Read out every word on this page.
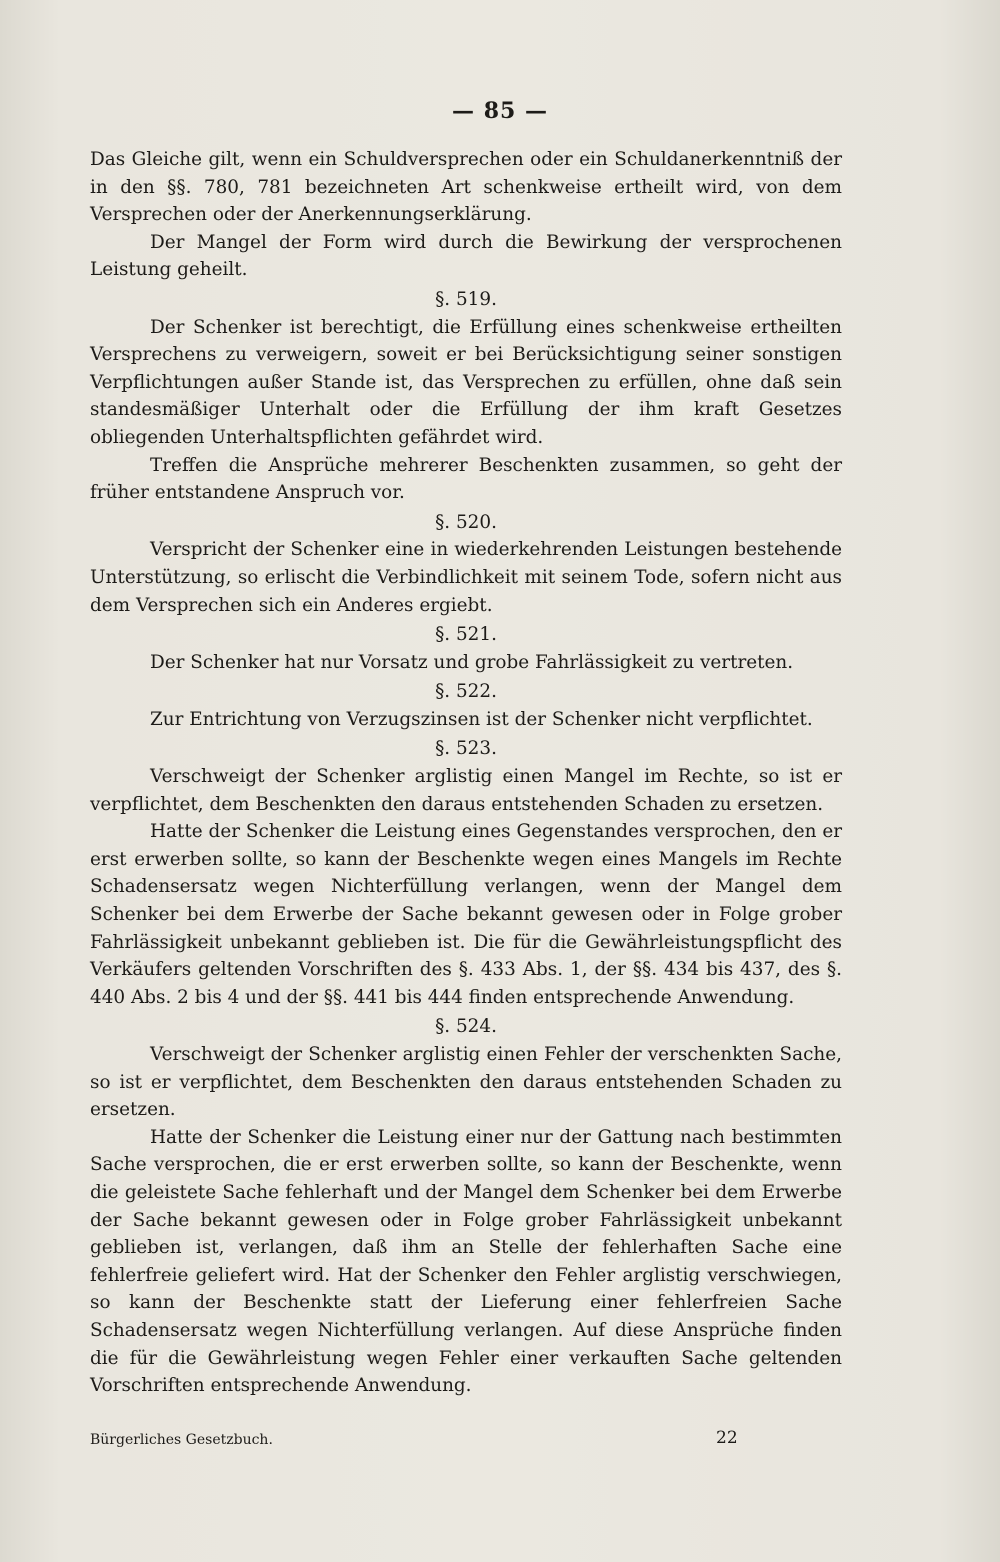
— 85 —

Das Gleiche gilt, wenn ein Schuldversprechen oder ein Schuldanerkenntniß der in den §§. 780, 781 bezeichneten Art schenkweise ertheilt wird, von dem Versprechen oder der Anerkennungserklärung.

Der Mangel der Form wird durch die Bewirkung der versprochenen Leistung geheilt.

§. 519.

Der Schenker ist berechtigt, die Erfüllung eines schenkweise ertheilten Versprechens zu verweigern, soweit er bei Berücksichtigung seiner sonstigen Verpflichtungen außer Stande ist, das Versprechen zu erfüllen, ohne daß sein standesmäßiger Unterhalt oder die Erfüllung der ihm kraft Gesetzes obliegenden Unterhaltspflichten gefährdet wird.

Treffen die Ansprüche mehrerer Beschenkten zusammen, so geht der früher entstandene Anspruch vor.

§. 520.

Verspricht der Schenker eine in wiederkehrenden Leistungen bestehende Unterstützung, so erlischt die Verbindlichkeit mit seinem Tode, sofern nicht aus dem Versprechen sich ein Anderes ergiebt.

§. 521.

Der Schenker hat nur Vorsatz und grobe Fahrlässigkeit zu vertreten.

§. 522.

Zur Entrichtung von Verzugszinsen ist der Schenker nicht verpflichtet.

§. 523.

Verschweigt der Schenker arglistig einen Mangel im Rechte, so ist er verpflichtet, dem Beschenkten den daraus entstehenden Schaden zu ersetzen.

Hatte der Schenker die Leistung eines Gegenstandes versprochen, den er erst erwerben sollte, so kann der Beschenkte wegen eines Mangels im Rechte Schadensersatz wegen Nichterfüllung verlangen, wenn der Mangel dem Schenker bei dem Erwerbe der Sache bekannt gewesen oder in Folge grober Fahrlässigkeit unbekannt geblieben ist. Die für die Gewährleistungspflicht des Verkäufers geltenden Vorschriften des §. 433 Abs. 1, der §§. 434 bis 437, des §. 440 Abs. 2 bis 4 und der §§. 441 bis 444 finden entsprechende Anwendung.

§. 524.

Verschweigt der Schenker arglistig einen Fehler der verschenkten Sache, so ist er verpflichtet, dem Beschenkten den daraus entstehenden Schaden zu ersetzen.

Hatte der Schenker die Leistung einer nur der Gattung nach bestimmten Sache versprochen, die er erst erwerben sollte, so kann der Beschenkte, wenn die geleistete Sache fehlerhaft und der Mangel dem Schenker bei dem Erwerbe der Sache bekannt gewesen oder in Folge grober Fahrlässigkeit unbekannt geblieben ist, verlangen, daß ihm an Stelle der fehlerhaften Sache eine fehlerfreie geliefert wird. Hat der Schenker den Fehler arglistig verschwiegen, so kann der Beschenkte statt der Lieferung einer fehlerfreien Sache Schadensersatz wegen Nichterfüllung verlangen. Auf diese Ansprüche finden die für die Gewährleistung wegen Fehler einer verkauften Sache geltenden Vorschriften entsprechende Anwendung.

Bürgerliches Gesetzbuch.	22
